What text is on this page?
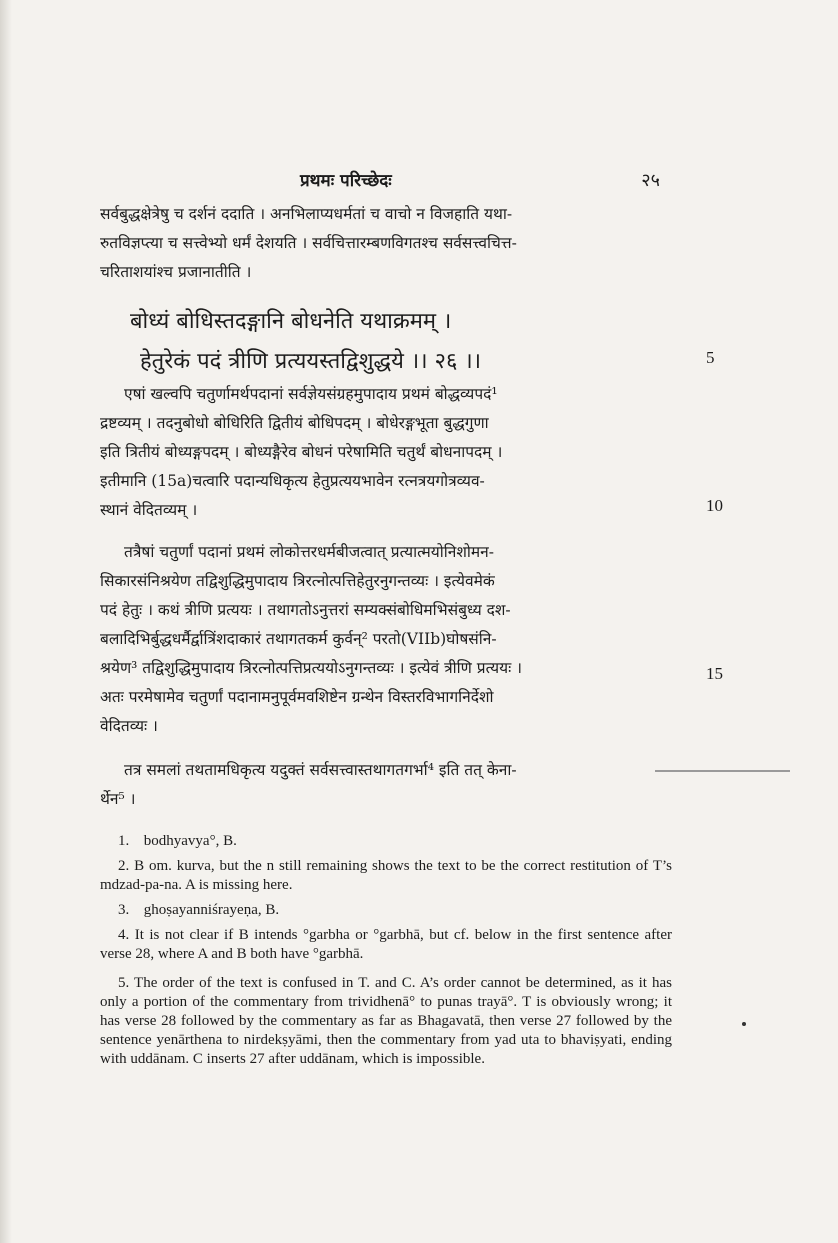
प्रथमः परिच्छेदः	२५
सर्वबुद्धक्षेत्रेषु च दर्शनं ददाति । अनभिलाप्यधर्मतां च वाचो न विजहाति यथा-
रुतविज्ञप्त्या च सत्त्वेभ्यो धर्मं देशयति । सर्वचित्तारम्बणविगतश्च सर्वसत्त्वचित्त-
चरिताशयांश्च प्रजानातीति ।
बोध्यं बोधिस्तदङ्गानि बोधनेति यथाक्रमम् ।
हेतुरेकं पदं त्रीणि प्रत्ययस्तद्विशुद्धये ।। २६ ।।
एषां खल्वपि चतुर्णामर्थपदानां सर्वज्ञेयसंग्रहमुपादाय प्रथमं बोद्धव्यपदं¹
द्रष्टव्यम् । तदनुबोधो बोधिरिति द्वितीयं बोधिपदम् । बोधेरङ्गभूता बुद्धगुणा
इति त्रितीयं बोध्यङ्गपदम् । बोध्यङ्गैरेव बोधनं परेषामिति चतुर्थं बोधनापदम् ।
इतीमानि (15a)चत्वारि पदान्यधिकृत्य हेतुप्रत्ययभावेन रत्नत्रयगोत्रव्यव-
स्थानं वेदितव्यम् ।
तत्रैषां चतुर्णां पदानां प्रथमं लोकोत्तरधर्मबीजत्वात् प्रत्यात्मयोनिशोमन-
सिकारसंनिश्रयेण तद्विशुद्धिमुपादाय त्रिरत्नोत्पत्तिहेतुरनुगन्तव्यः । इत्येवमेकं
पदं हेतुः । कथं त्रीणि प्रत्ययः । तथागतोऽनुत्तरां सम्यक्संबोधिमभिसंबुध्य दश-
बलादिभिर्बुद्धधर्मैर्द्वात्रिंशदाकारं तथागतकर्म कुर्वन्² परतो(VIIb)घोषसंनि-
श्रयेण³ तद्विशुद्धिमुपादाय त्रिरत्नोत्पत्तिप्रत्ययोऽनुगन्तव्यः । इत्येवं त्रीणि प्रत्ययः ।
अतः परमेषामेव चतुर्णां पदानामनुपूर्वमवशिष्टेन ग्रन्थेन विस्तरविभागनिर्देशो
वेदितव्यः ।
तत्र समलां तथतामधिकृत्य यदुक्तं सर्वसत्त्वास्तथागतगर्भा⁴ इति तत् केना-
र्थेन⁵ ।
5
10
15
1. bodhyavya°, B.
2. B om. kurva, but the n still remaining shows the text to be the correct restitution of T’s mdzad-pa-na. A is missing here.
3. ghoṣayanniśrayeṇa, B.
4. It is not clear if B intends °garbha or °garbhā, but cf. below in the first sentence after verse 28, where A and B both have °garbhā.
5. The order of the text is confused in T. and C. A’s order cannot be determined, as it has only a portion of the commentary from trividhenā° to punas trayā°. T is obviously wrong; it has verse 28 followed by the commentary as far as Bhagavatā, then verse 27 followed by the sentence yenārthena to nirdekṣyāmi, then the commentary from yad uta to bhaviṣyati, ending with uddānam. C inserts 27 after uddānam, which is impossible.
